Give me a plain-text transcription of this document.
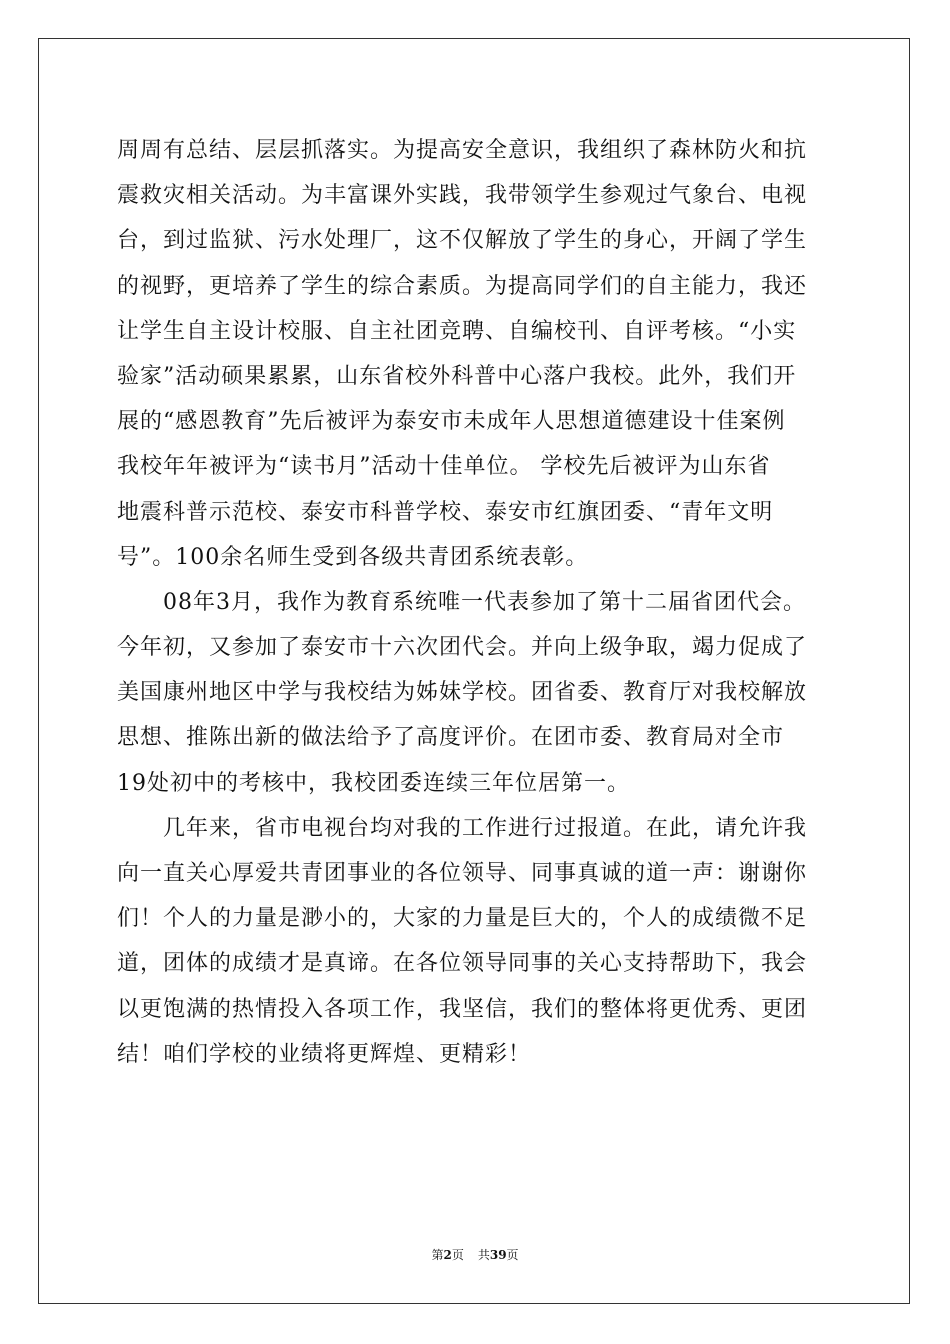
周周有总结、层层抓落实。为提高安全意识，我组织了森林防火和抗
震救灾相关活动。为丰富课外实践，我带领学生参观过气象台、电视
台，到过监狱、污水处理厂，这不仅解放了学生的身心，开阔了学生
的视野，更培养了学生的综合素质。为提高同学们的自主能力，我还
让学生自主设计校服、自主社团竞聘、自编校刊、自评考核。“小实
验家”活动硕果累累，山东省校外科普中心落户我校。此外，我们开
展的“感恩教育”先后被评为泰安市未成年人思想道德建设十佳案例
我校年年被评为“读书月”活动十佳单位。 学校先后被评为山东省
地震科普示范校、泰安市科普学校、泰安市红旗团委、“青年文明
号”。100余名师生受到各级共青团系统表彰。
　　08年3月，我作为教育系统唯一代表参加了第十二届省团代会。
今年初，又参加了泰安市十六次团代会。并向上级争取，竭力促成了
美国康州地区中学与我校结为姊妹学校。团省委、教育厅对我校解放
思想、推陈出新的做法给予了高度评价。在团市委、教育局对全市
19处初中的考核中，我校团委连续三年位居第一。
　　几年来，省市电视台均对我的工作进行过报道。在此，请允许我
向一直关心厚爱共青团事业的各位领导、同事真诚的道一声：谢谢你
们！个人的力量是渺小的，大家的力量是巨大的，个人的成绩微不足
道，团体的成绩才是真谛。在各位领导同事的关心支持帮助下，我会
以更饱满的热情投入各项工作，我坚信，我们的整体将更优秀、更团
结！咱们学校的业绩将更辉煌、更精彩！
第2页 共39页
